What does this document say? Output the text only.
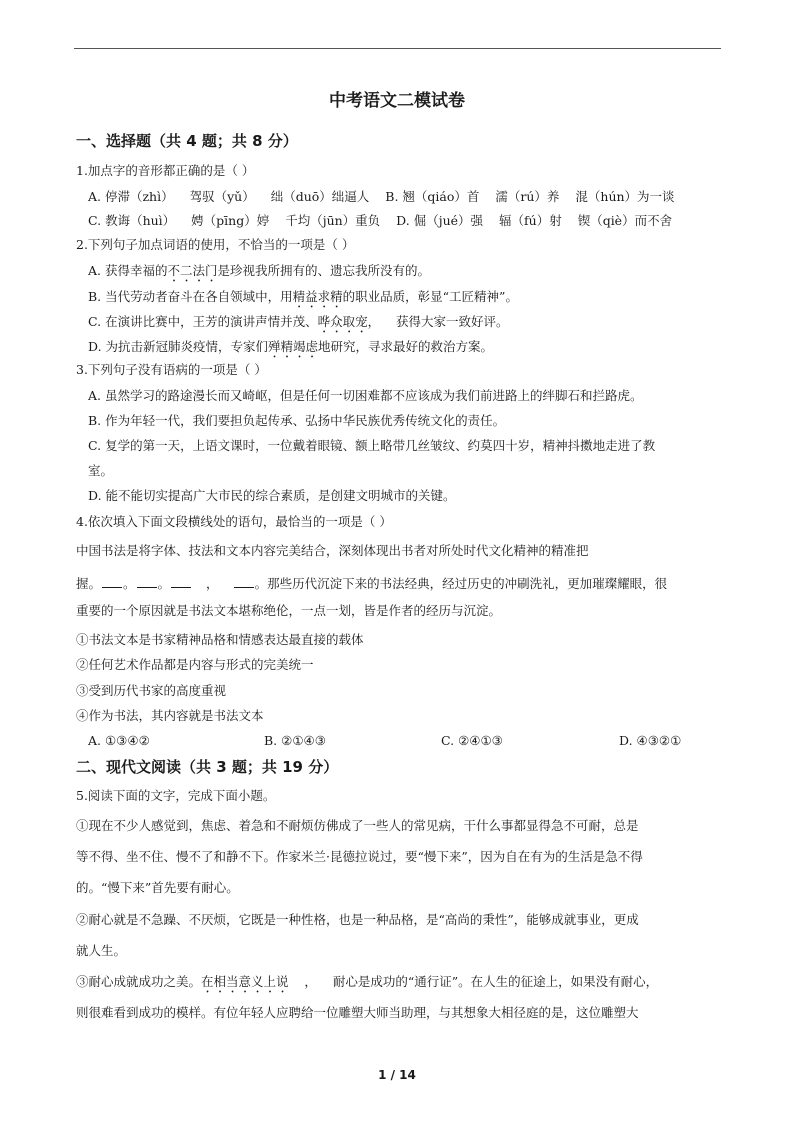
中考语文二模试卷
一、选择题（共 4 题；共 8 分）
1.加点字的音形都正确的是（ ）
A. 停滞（zhì） 驾驭（yǔ） 绌（duō）绌逼人 B. 翘（qiáo）首 濡（rú）养 混（hún）为一谈
C. 教诲（huì） 娉（pīng）婷 千均（jūn）重负 D. 倔（jué）强 辐（fú）射 锲（qiè）而不舍
2.下列句子加点词语的使用，不恰当的一项是（ ）
A. 获得幸福的不二法门是珍视我所拥有的、遗忘我所没有的。
B. 当代劳动者奋斗在各自领域中，用精益求精的职业品质，彰显“工匠精神”。
C. 在演讲比赛中，王芳的演讲声情并茂、哗众取宠，    获得大家一致好评。
D. 为抗击新冠肺炎疫情，专家们殚精竭虑地研究，寻求最好的救治方案。
3.下列句子没有语病的一项是（ ）
A. 虽然学习的路途漫长而又崎岖，但是任何一切困难都不应该成为我们前进路上的绊脚石和拦路虎。
B. 作为年轻一代，我们要担负起传承、弘扬中华民族优秀传统文化的责任。
C. 复学的第一天，上语文课时，一位戴着眼镜、额上略带几丝皱纹、约莫四十岁，精神抖擞地走进了教
室。
D. 能不能切实提高广大市民的综合素质，是创建文明城市的关键。
4.依次填入下面文段横线处的语句，最恰当的一项是（ ）
中国书法是将字体、技法和文本内容完美结合，深刻体现出书者对所处时代文化精神的精准把
握。 。 。	，	。那些历代沉淀下来的书法经典，经过历史的冲刷洗礼，更加璀璨耀眼，很
重要的一个原因就是书法文本堪称绝伦，一点一划，皆是作者的经历与沉淀。
①书法文本是书家精神品格和情感表达最直接的载体
②任何艺术作品都是内容与形式的完美统一
③受到历代书家的高度重视
④作为书法，其内容就是书法文本
A. ①③④②	B. ②①④③	C. ②④①③	D. ④③②①
二、现代文阅读（共 3 题；共 19 分）
5.阅读下面的文字，完成下面小题。
①现在不少人感觉到，焦虑、着急和不耐烦仿佛成了一些人的常见病，干什么事都显得急不可耐，总是
等不得、坐不住、慢不了和静不下。作家米兰·昆德拉说过，要“慢下来”，因为自在有为的生活是急不得
的。“慢下来”首先要有耐心。
②耐心就是不急躁、不厌烦，它既是一种性格，也是一种品格，是“高尚的秉性”，能够成就事业，更成
就人生。
③耐心成就成功之美。在相当意义上说    ，    耐心是成功的“通行证”。在人生的征途上，如果没有耐心，
则很难看到成功的模样。有位年轻人应聘给一位雕塑大师当助理，与其想象大相径庭的是，这位雕塑大
1 / 14
